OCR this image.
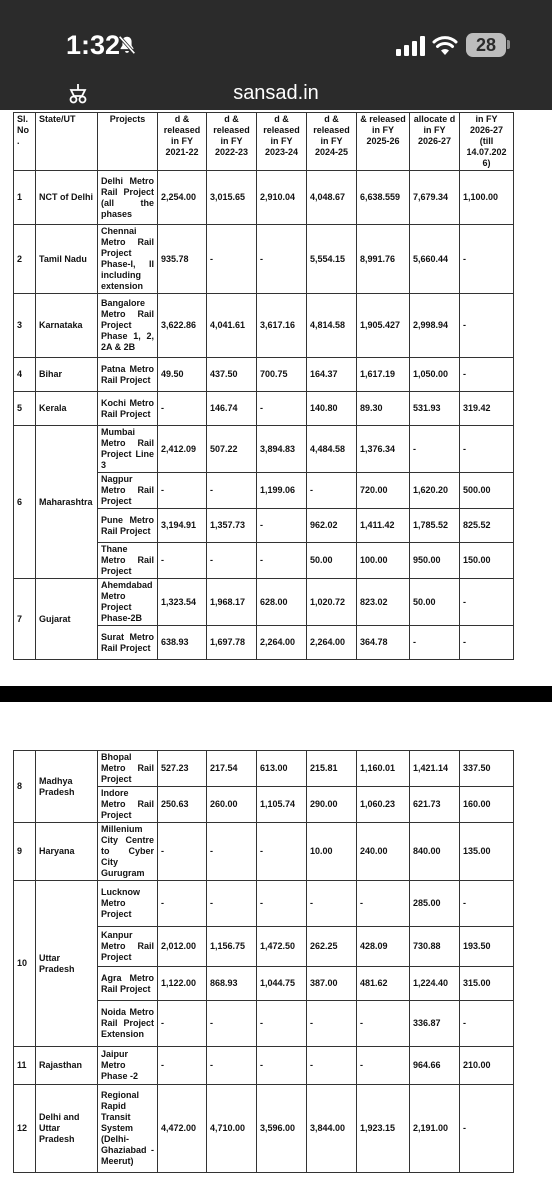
1:32	28
sansad.in
Sl. No .	State/UT	Projects	d & released in FY 2021-22	d & released in FY 2022-23	d & released in FY 2023-24	d & released in FY 2024-25	& released in FY 2025-26	allocate d in FY 2026-27	in FY 2026-27 (till 14.07.202 6)
1	NCT of Delhi	Delhi Metro Rail Project (all the phases	2,254.00	3,015.65	2,910.04	4,048.67	6,638.559	7,679.34	1,100.00
2	Tamil Nadu	Chennai Metro Rail Project Phase-I, II including extension	935.78	-	-	5,554.15	8,991.76	5,660.44	-
3	Karnataka	Bangalore Metro Rail Project Phase 1, 2, 2A & 2B	3,622.86	4,041.61	3,617.16	4,814.58	1,905.427	2,998.94	-
4	Bihar	Patna Metro Rail Project	49.50	437.50	700.75	164.37	1,617.19	1,050.00	-
5	Kerala	Kochi Metro Rail Project	-	146.74	-	140.80	89.30	531.93	319.42
6	Maharashtra	Mumbai Metro Rail Project Line 3	2,412.09	507.22	3,894.83	4,484.58	1,376.34	-	-
		Nagpur Metro Rail Project	-	-	1,199.06	-	720.00	1,620.20	500.00
		Pune Metro Rail Project	3,194.91	1,357.73	-	962.02	1,411.42	1,785.52	825.52
		Thane Metro Rail Project	-	-	-	50.00	100.00	950.00	150.00
7	Gujarat	Ahemdabad Metro Project Phase-2B	1,323.54	1,968.17	628.00	1,020.72	823.02	50.00	-
		Surat Metro Rail Project	638.93	1,697.78	2,264.00	2,264.00	364.78	-	-
8	Madhya Pradesh	Bhopal Metro Rail Project	527.23	217.54	613.00	215.81	1,160.01	1,421.14	337.50
		Indore Metro Rail Project	250.63	260.00	1,105.74	290.00	1,060.23	621.73	160.00
9	Haryana	Millenium City Centre to Cyber City Gurugram	-	-	-	10.00	240.00	840.00	135.00
10	Uttar Pradesh	Lucknow Metro Project	-	-	-	-	-	285.00	-
		Kanpur Metro Rail Project	2,012.00	1,156.75	1,472.50	262.25	428.09	730.88	193.50
		Agra Metro Rail Project	1,122.00	868.93	1,044.75	387.00	481.62	1,224.40	315.00
		Noida Metro Rail Project Extension	-	-	-	-	-	336.87	-
11	Rajasthan	Jaipur Metro Phase -2	-	-	-	-	-	964.66	210.00
12	Delhi and Uttar Pradesh	Regional Rapid Transit System (Delhi-Ghaziabad -Meerut)	4,472.00	4,710.00	3,596.00	3,844.00	1,923.15	2,191.00	-
